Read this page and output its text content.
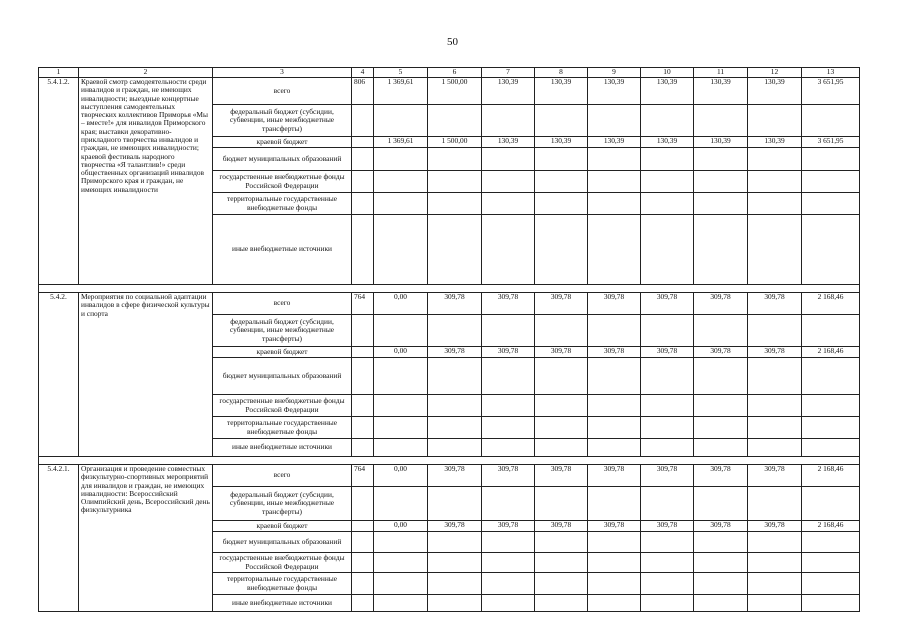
50
1	2	3	4	5	6	7	8	9	10	11	12	13
5.4.1.2.	Краевой смотр самодеятельности среди инвалидов и граждан, не имеющих инвалидности; выездные концертные выступления самодеятельных творческих коллективов Приморья «Мы – вместе!» для инвалидов Приморского края; выставки декоративно-прикладного творчества инвалидов и граждан, не имеющих инвалидности; краевой фестиваль народного творчества «Я талантлив!» среди общественных организаций инвалидов Приморского края и граждан, не имеющих инвалидности	всего	806	1 369,61	1 500,00	130,39	130,39	130,39	130,39	130,39	130,39	3 651,95
		федеральный бюджет (субсидии, субвенции, иные межбюджетные трансферты)										
		краевой бюджет		1 369,61	1 500,00	130,39	130,39	130,39	130,39	130,39	130,39	3 651,95
		бюджет муниципальных образований										
		государственные внебюджетные фонды Российской Федерации										
		территориальные государственные внебюджетные фонды										
		иные внебюджетные источники										

5.4.2.	Мероприятия по социальной адаптации инвалидов в сфере физической культуры и спорта	всего	764	0,00	309,78	309,78	309,78	309,78	309,78	309,78	309,78	2 168,46
		федеральный бюджет (субсидии, субвенции, иные межбюджетные трансферты)										
		краевой бюджет		0,00	309,78	309,78	309,78	309,78	309,78	309,78	309,78	2 168,46
		бюджет муниципальных образований										
		государственные внебюджетные фонды Российской Федерации										
		территориальные государственные внебюджетные фонды										
		иные внебюджетные источники										

5.4.2.1.	Организация и проведение совместных физкультурно-спортивных мероприятий для инвалидов и граждан, не имеющих инвалидности: Всероссийский Олимпийский день, Всероссийский день физкультурника	всего	764	0,00	309,78	309,78	309,78	309,78	309,78	309,78	309,78	2 168,46
		федеральный бюджет (субсидии, субвенции, иные межбюджетные трансферты)										
		краевой бюджет		0,00	309,78	309,78	309,78	309,78	309,78	309,78	309,78	2 168,46
		бюджет муниципальных образований										
		государственные внебюджетные фонды Российской Федерации										
		территориальные государственные внебюджетные фонды										
		иные внебюджетные источники										
